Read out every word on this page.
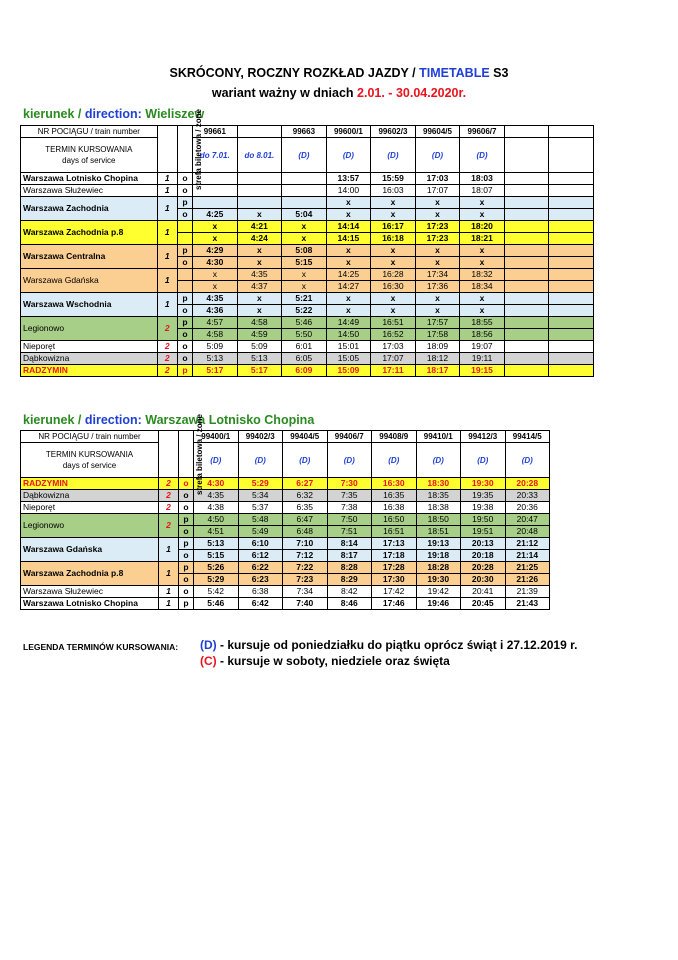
SKRÓCONY, ROCZNY ROZKŁAD JAZDY / TIMETABLE S3
wariant ważny w dniach 2.01. - 30.04.2020r.
kierunek / direction: Wieliszew
NR POCIĄGU / train number	strefa biletowa / zone		99661		99663	99600/1	99602/3	99604/5	99606/7		

TERMIN KURSOWANIA
days of service			do 7.01.	do 8.01.	(D)	(D)	(D)	(D)	(D)		
Warszawa Lotnisko Chopina	1	o				13:57	15:59	17:03	18:03		
Warszawa Służewiec	1	o				14:00	16:03	17:07	18:07		
Warszawa Zachodnia	1	p				x	x	x	x		
		o	4:25	x	5:04	x	x	x	x		
Warszawa Zachodnia p.8	1		x	4:21	x	14:14	16:17	17:23	18:20		
			x	4:24	x	14:15	16:18	17:23	18:21		
Warszawa Centralna	1	p	4:29	x	5:08	x	x	x	x		
		o	4:30	x	5:15	x	x	x	x		
Warszawa Gdańska	1		x	4:35	x	14:25	16:28	17:34	18:32		
			x	4:37	x	14:27	16:30	17:36	18:34		
Warszawa Wschodnia	1	p	4:35	x	5:21	x	x	x	x		
		o	4:36	x	5:22	x	x	x	x		
Legionowo	2	p	4:57	4:58	5:46	14:49	16:51	17:57	18:55		
		o	4:58	4:59	5:50	14:50	16:52	17:58	18:56		
Nieporęt	2	o	5:09	5:09	6:01	15:01	17:03	18:09	19:07		
Dąbkowizna	2	o	5:13	5:13	6:05	15:05	17:07	18:12	19:11		
RADZYMIN	2	p	5:17	5:17	6:09	15:09	17:11	18:17	19:15		
kierunek / direction: Warszawa Lotnisko Chopina
NR POCIĄGU / train number	strefa biletowa / zone		99400/1	99402/3	99404/5	99406/7	99408/9	99410/1	99412/3	99414/5

TERMIN KURSOWANIA
days of service			(D)	(D)	(D)	(D)	(D)	(D)	(D)	(D)
RADZYMIN	2	o	4:30	5:29	6:27	7:30	16:30	18:30	19:30	20:28
Dąbkowizna	2	o	4:35	5:34	6:32	7:35	16:35	18:35	19:35	20:33
Nieporęt	2	o	4:38	5:37	6:35	7:38	16:38	18:38	19:38	20:36
Legionowo	2	p	4:50	5:48	6:47	7:50	16:50	18:50	19:50	20:47
		o	4:51	5:49	6:48	7:51	16:51	18:51	19:51	20:48
Warszawa Gdańska	1	p	5:13	6:10	7:10	8:14	17:13	19:13	20:13	21:12
		o	5:15	6:12	7:12	8:17	17:18	19:18	20:18	21:14
Warszawa Zachodnia p.8	1	p	5:26	6:22	7:22	8:28	17:28	18:28	20:28	21:25
		o	5:29	6:23	7:23	8:29	17:30	19:30	20:30	21:26
Warszawa Służewiec	1	o	5:42	6:38	7:34	8:42	17:42	19:42	20:41	21:39
Warszawa Lotnisko Chopina	1	p	5:46	6:42	7:40	8:46	17:46	19:46	20:45	21:43
LEGENDA TERMINÓW KURSOWANIA: (D) - kursuje od poniedziałku do piątku oprócz świąt i 27.12.2019 r.
(C) - kursuje w soboty, niedziele oraz święta
